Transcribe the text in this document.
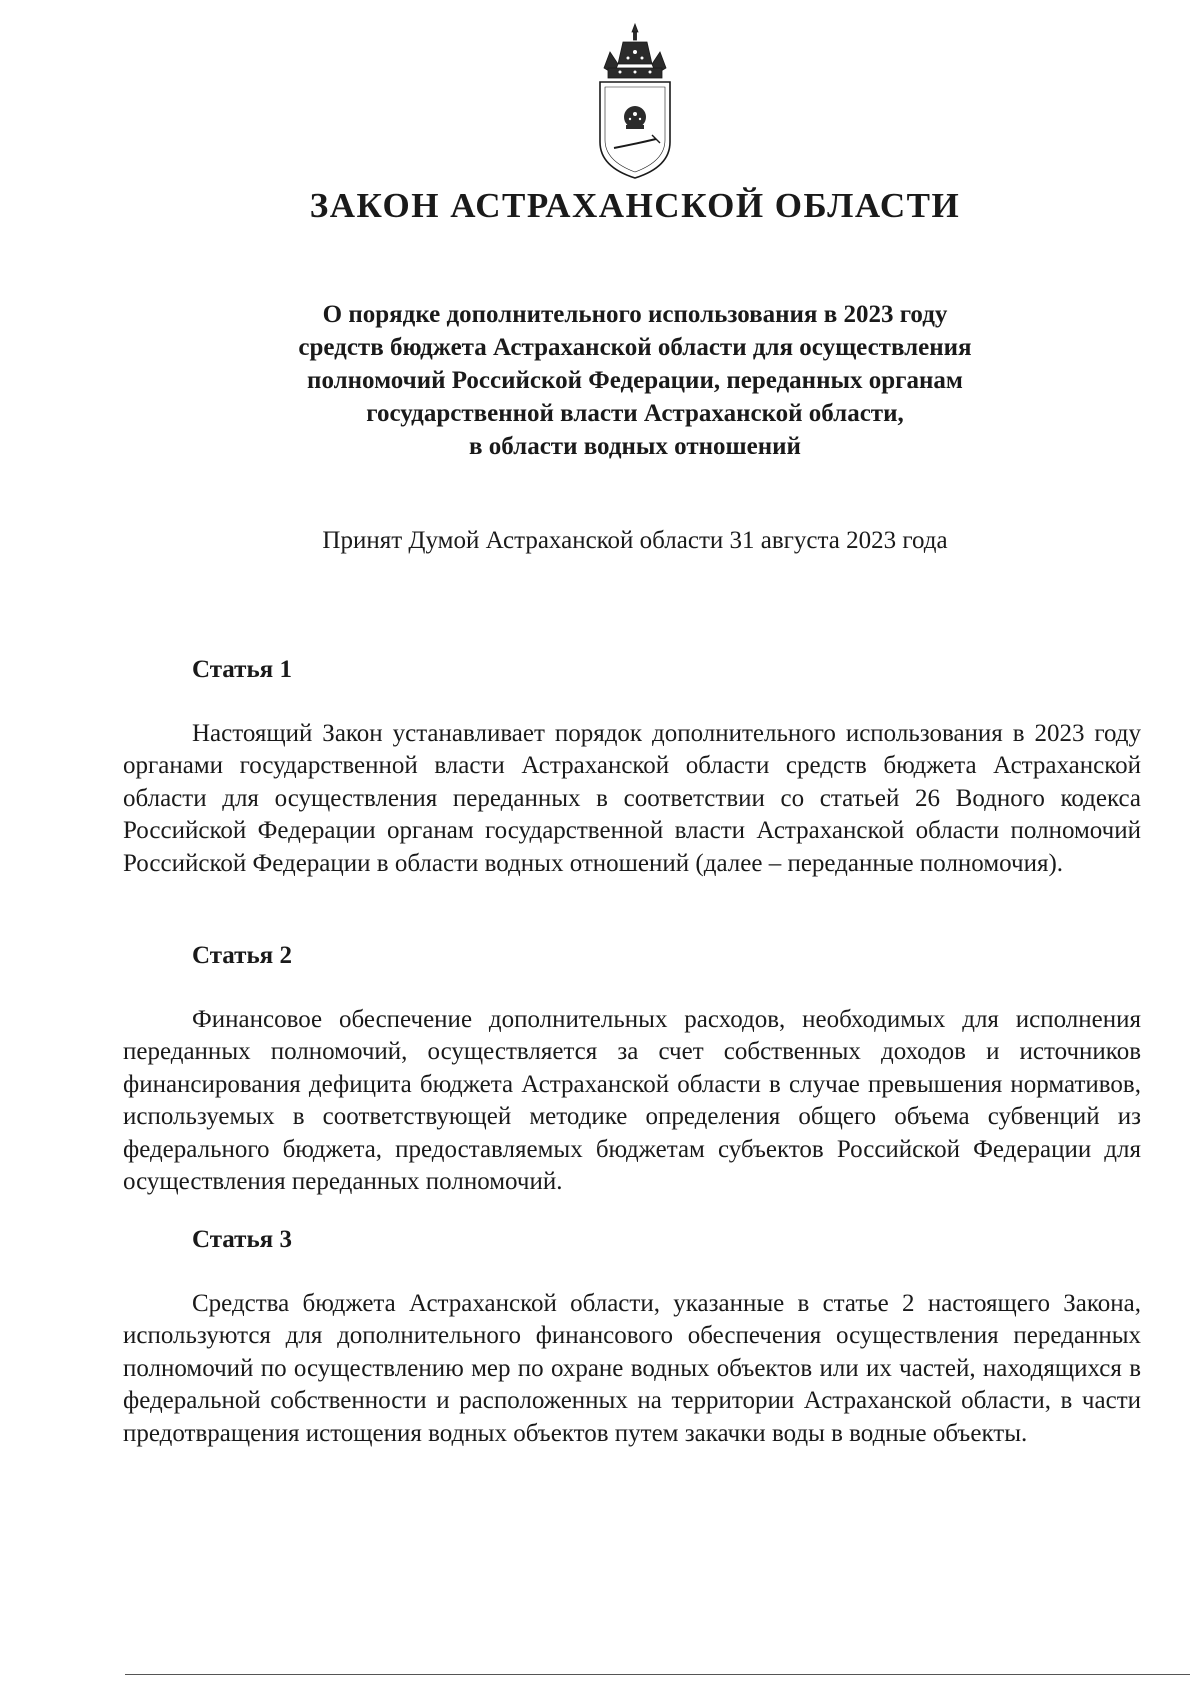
ЗАКОН АСТРАХАНСКОЙ ОБЛАСТИ
О порядке дополнительного использования в 2023 году
средств бюджета Астраханской области для осуществления
полномочий Российской Федерации, переданных органам
государственной власти Астраханской области,
в области водных отношений

Принят Думой Астраханской области 31 августа 2023 года

Статья 1

Настоящий Закон устанавливает порядок дополнительного использования в 2023 году органами государственной власти Астраханской области средств бюджета Астраханской области для осуществления переданных в соответствии со статьей 26 Водного кодекса Российской Федерации органам государственной власти Астраханской области полномочий Российской Федерации в области водных отношений (далее – переданные полномочия).

Статья 2

Финансовое обеспечение дополнительных расходов, необходимых для исполнения переданных полномочий, осуществляется за счет собственных доходов и источников финансирования дефицита бюджета Астраханской области в случае превышения нормативов, используемых в соответствующей методике определения общего объема субвенций из федерального бюджета, предоставляемых бюджетам субъектов Российской Федерации для осуществления переданных полномочий.

Статья 3

Средства бюджета Астраханской области, указанные в статье 2 настоящего Закона, используются для дополнительного финансового обеспечения осуществления переданных полномочий по осуществлению мер по охране водных объектов или их частей, находящихся в федеральной собственности и расположенных на территории Астраханской области, в части предотвращения истощения водных объектов путем закачки воды в водные объекты.
